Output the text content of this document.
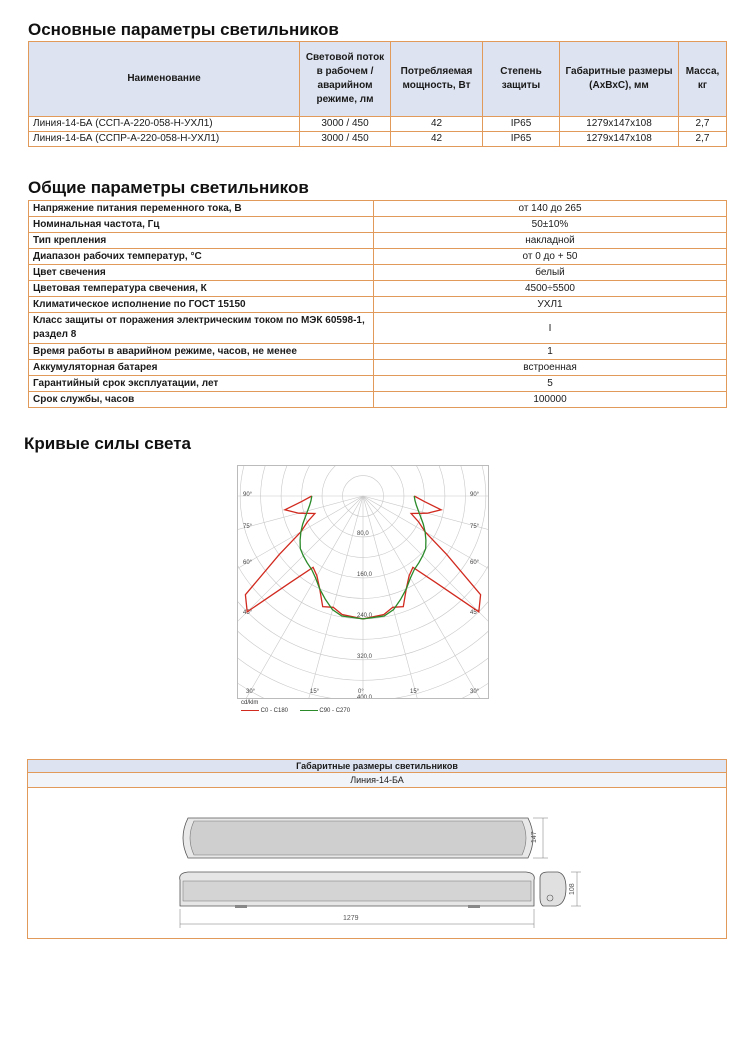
Основные параметры светильников
Наименование	Световой поток в рабочем / аварийном режиме, лм	Потребляемая мощность, Вт	Степень защиты	Габаритные размеры (АхВхС), мм	Масса, кг
Линия-14-БА (ССП-А-220-058-Н-УХЛ1)	3000 / 450	42	IP65	1279х147х108	2,7
Линия-14-БА (ССПР-А-220-058-Н-УХЛ1)	3000 / 450	42	IP65	1279х147х108	2,7
Общие параметры светильников
Напряжение питания переменного тока, В	от 140 до 265
Номинальная частота, Гц	50±10%
Тип крепления	накладной
Диапазон рабочих температур, °С	от 0 до + 50
Цвет свечения	белый
Цветовая температура свечения, К	4500÷5500
Климатическое исполнение по ГОСТ 15150	УХЛ1
Класс защиты от поражения электрическим током по МЭК 60598-1, раздел 8	I
Время работы в аварийном режиме, часов, не менее	1
Аккумуляторная батарея	встроенная
Гарантийный срок эксплуатации, лет	5
Срок службы, часов	100000
Кривые силы света
80,0
160,0
240,0
320,0
400,0
90°
75°
60°
45°
90°
75°
60°
45°
30°	15°	0°	15°	30°
cd/klm
C0 - C180	C90 - C270
Габаритные размеры светильников
Линия-14-БА
147
1279
108
